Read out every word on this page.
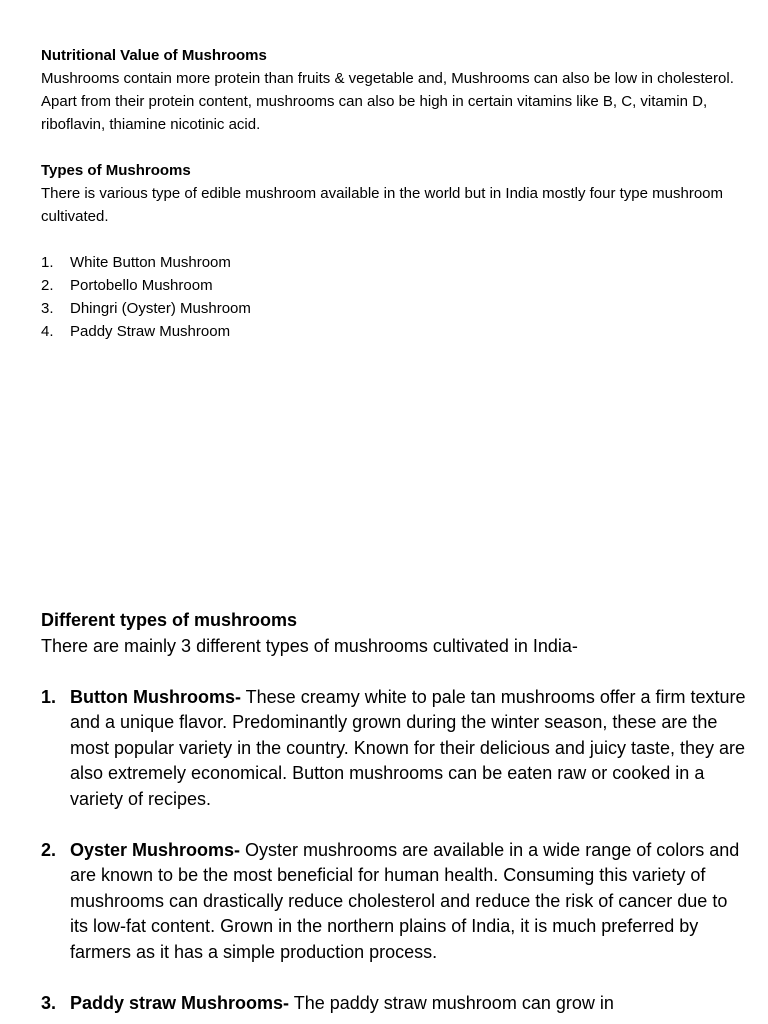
Nutritional Value of Mushrooms

Mushrooms contain more protein than fruits & vegetable and, Mushrooms can also be low in cholesterol.

Apart from their protein content, mushrooms can also be high in certain vitamins like B, C, vitamin D, riboflavin, thiamine nicotinic acid.

Types of Mushrooms

There is various type of edible mushroom available in the world but in India mostly four type mushroom cultivated.

1.	White Button Mushroom
2.	Portobello Mushroom
3.	Dhingri (Oyster) Mushroom
4.	Paddy Straw Mushroom
Different types of mushrooms

There are mainly 3 different types of mushrooms cultivated in India-

1. Button Mushrooms- These creamy white to pale tan mushrooms offer a firm texture and a unique flavor. Predominantly grown during the winter season, these are the most popular variety in the country. Known for their delicious and juicy taste, they are also extremely economical. Button mushrooms can be eaten raw or cooked in a variety of recipes.
2. Oyster Mushrooms- Oyster mushrooms are available in a wide range of colors and are known to be the most beneficial for human health. Consuming this variety of mushrooms can drastically reduce cholesterol and reduce the risk of cancer due to its low-fat content. Grown in the northern plains of India, it is much preferred by farmers as it has a simple production process.
3. Paddy straw Mushrooms- The paddy straw mushroom can grow in
